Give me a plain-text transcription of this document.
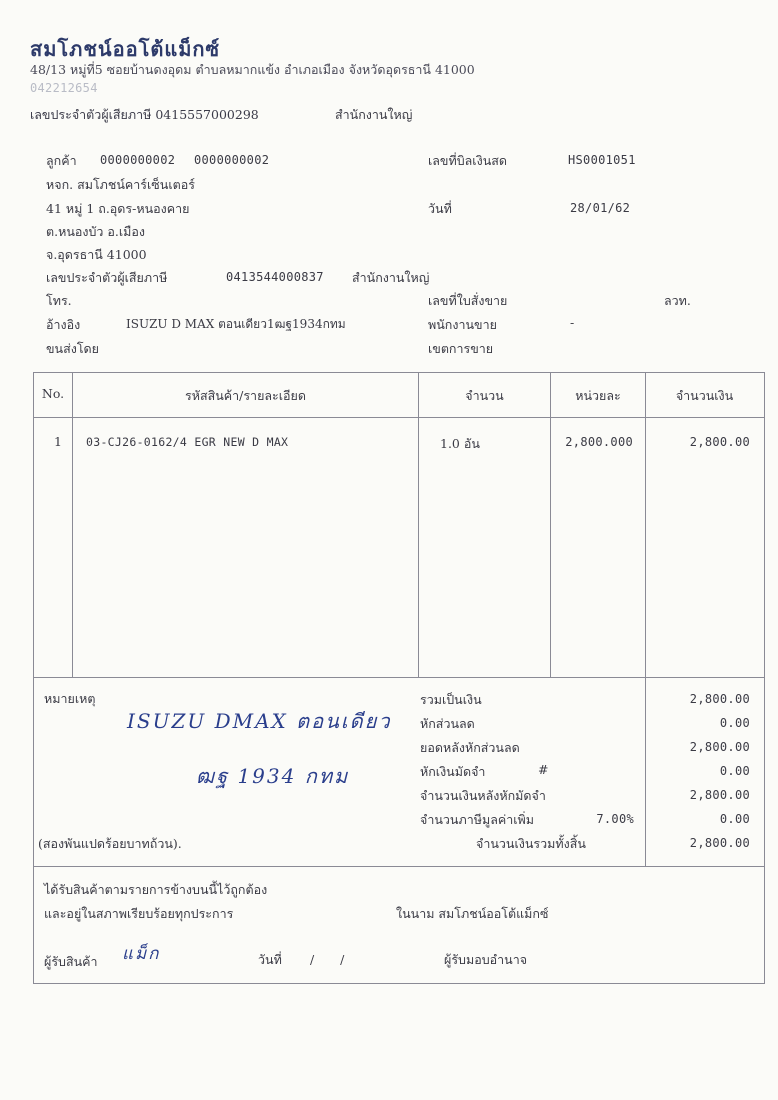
สมโภชน์ออโต้แม็กซ์
48/13 หมู่ที่5 ซอยบ้านดงอุดม ตำบลหมากแข้ง อำเภอเมือง จังหวัดอุดรธานี 41000
042212654
เลขประจำตัวผู้เสียภาษี 0415557000298	สำนักงานใหญ่
ลูกค้า 0000000002 0000000002
หจก. สมโภชน์คาร์เซ็นเตอร์
41 หมู่ 1 ถ.อุดร-หนองคาย
ต.หนองบัว อ.เมือง
จ.อุดรธานี 41000
เลขประจำตัวผู้เสียภาษี	0413544000837 สำนักงานใหญ่
โทร.
อ้างอิง	ISUZU D MAX ตอนเดียว1ฒฐ1934กทม
ขนส่งโดย
เลขที่บิลเงินสด	HS0001051
วันที่	28/01/62
เลขที่ใบสั่งขาย	ลวท.
พนักงานขาย	-
เขตการขาย
No.	รหัสสินค้า/รายละเอียด	จำนวน	หน่วยละ	จำนวนเงิน
1 03-CJ26-0162/4 EGR NEW D MAX	1.0 อัน	2,800.000	2,800.00
หมายเหตุ
ISUZU DMAX ตอนเดียว
ฒฐ 1934 กทม
รวมเป็นเงิน	2,800.00
หักส่วนลด	0.00
ยอดหลังหักส่วนลด	2,800.00
หักเงินมัดจำ	#	0.00
จำนวนเงินหลังหักมัดจำ	2,800.00
จำนวนภาษีมูลค่าเพิ่ม	7.00%	0.00
(สองพันแปดร้อยบาทถ้วน).	จำนวนเงินรวมทั้งสิ้น	2,800.00
ได้รับสินค้าตามรายการข้างบนนี้ไว้ถูกต้อง
และอยู่ในสภาพเรียบร้อยทุกประการ	ในนาม สมโภชน์ออโต้แม็กซ์
ผู้รับสินค้า แม็ก	วันที่ / /	ผู้รับมอบอำนาจ
